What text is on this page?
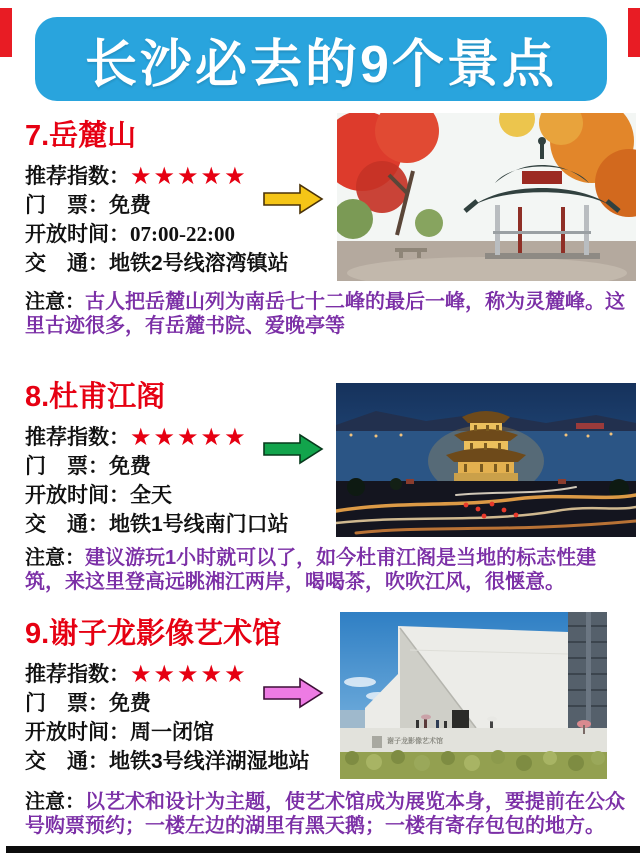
长沙必去的9个景点
7.岳麓山
推荐指数：★★★★★
门　票：免费
开放时间：07:00-22:00
交　通：地铁2号线溶湾镇站
注意：古人把岳麓山列为南岳七十二峰的最后一峰，称为灵麓峰。这里古迹很多，有岳麓书院、爱晚亭等
8.杜甫江阁
推荐指数：★★★★★
门　票：免费
开放时间：全天
交　通：地铁1号线南门口站
注意：建议游玩1小时就可以了，如今杜甫江阁是当地的标志性建筑，来这里登高远眺湘江两岸，喝喝茶，吹吹江风，很惬意。
9.谢子龙影像艺术馆
推荐指数：★★★★★
门　票：免费
开放时间：周一闭馆
交　通：地铁3号线洋湖湿地站
谢子龙影像艺术馆
注意：以艺术和设计为主题，使艺术馆成为展览本身，要提前在公众号购票预约；一楼左边的湖里有黑天鹅；一楼有寄存包包的地方。
